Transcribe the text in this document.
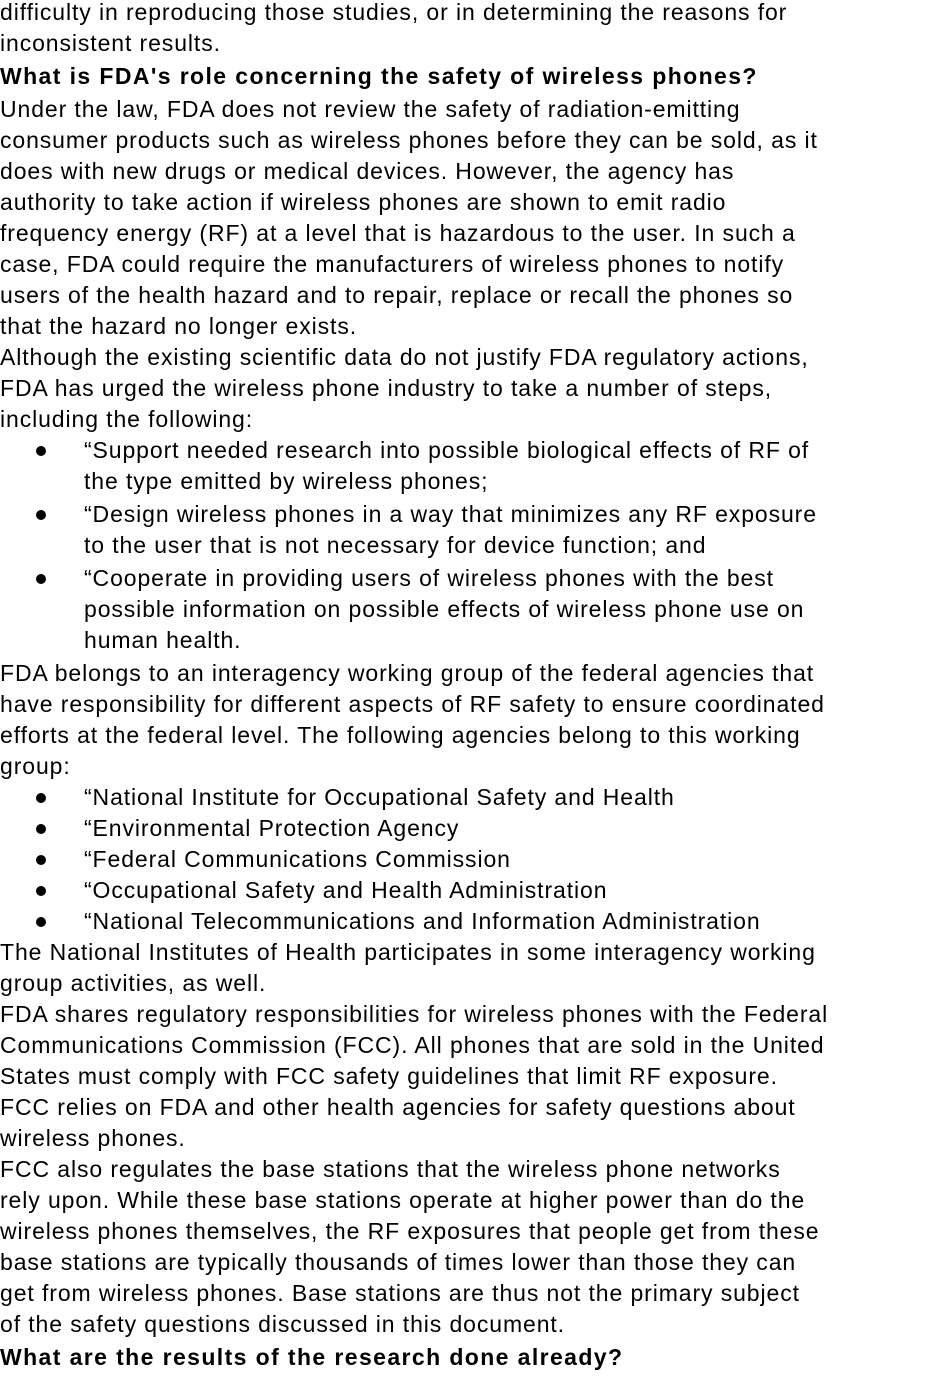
difficulty in reproducing those studies, or in determining the reasons for
inconsistent results.
What is FDA's role concerning the safety of wireless phones?
Under the law, FDA does not review the safety of radiation-emitting
consumer products such as wireless phones before they can be sold, as it
does with new drugs or medical devices. However, the agency has
authority to take action if wireless phones are shown to emit radio
frequency energy (RF) at a level that is hazardous to the user. In such a
case, FDA could require the manufacturers of wireless phones to notify
users of the health hazard and to repair, replace or recall the phones so
that the hazard no longer exists.
Although the existing scientific data do not justify FDA regulatory actions,
FDA has urged the wireless phone industry to take a number of steps,
including the following:
“Support needed research into possible biological effects of RF of
the type emitted by wireless phones;
“Design wireless phones in a way that minimizes any RF exposure
to the user that is not necessary for device function; and
“Cooperate in providing users of wireless phones with the best
possible information on possible effects of wireless phone use on
human health.
FDA belongs to an interagency working group of the federal agencies that
have responsibility for different aspects of RF safety to ensure coordinated
efforts at the federal level. The following agencies belong to this working
group:
“National Institute for Occupational Safety and Health
“Environmental Protection Agency
“Federal Communications Commission
“Occupational Safety and Health Administration
“National Telecommunications and Information Administration
The National Institutes of Health participates in some interagency working
group activities, as well.
FDA shares regulatory responsibilities for wireless phones with the Federal
Communications Commission (FCC). All phones that are sold in the United
States must comply with FCC safety guidelines that limit RF exposure.
FCC relies on FDA and other health agencies for safety questions about
wireless phones.
FCC also regulates the base stations that the wireless phone networks
rely upon. While these base stations operate at higher power than do the
wireless phones themselves, the RF exposures that people get from these
base stations are typically thousands of times lower than those they can
get from wireless phones. Base stations are thus not the primary subject
of the safety questions discussed in this document.
What are the results of the research done already?
